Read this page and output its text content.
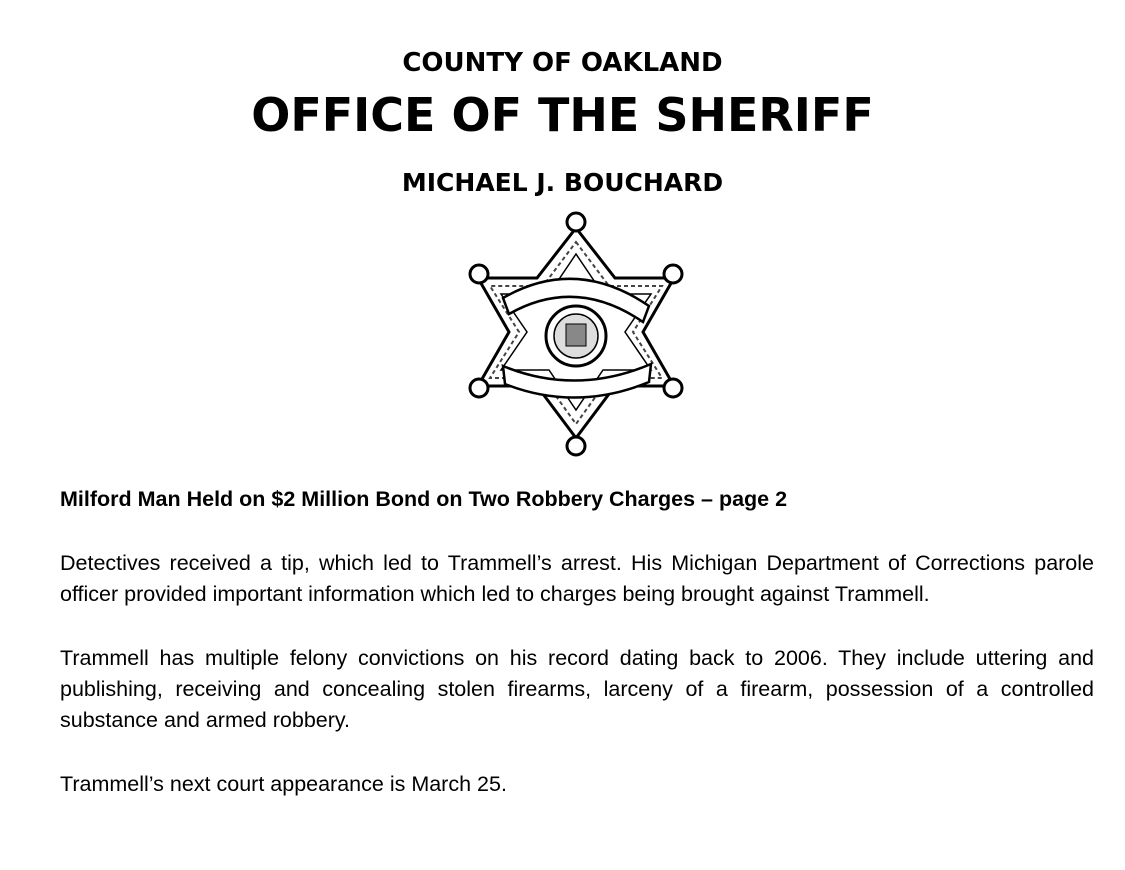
COUNTY OF OAKLAND
OFFICE OF THE SHERIFF
MICHAEL J. BOUCHARD

Milford Man Held on $2 Million Bond on Two Robbery Charges – page 2

Detectives received a tip, which led to Trammell’s arrest. His Michigan Department of Corrections parole officer provided important information which led to charges being brought against Trammell.

Trammell has multiple felony convictions on his record dating back to 2006. They include uttering and publishing, receiving and concealing stolen firearms, larceny of a firearm, possession of a controlled substance and armed robbery.

Trammell’s next court appearance is March 25.
